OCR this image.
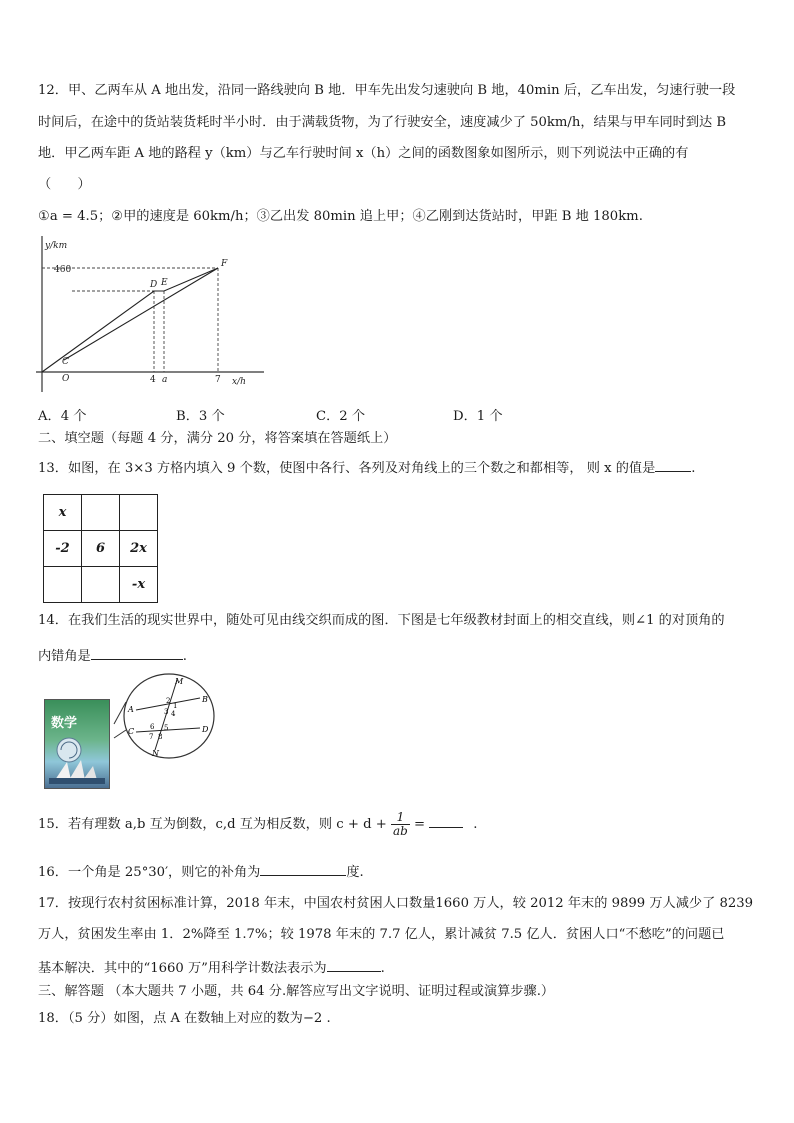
12．甲、乙两车从 A 地出发，沿同一路线驶向 B 地．甲车先出发匀速驶向 B 地，40min 后，乙车出发，匀速行驶一段
时间后，在途中的货站装货耗时半小时．由于满载货物，为了行驶安全，速度减少了 50km/h，结果与甲车同时到达 B
地．甲乙两车距 A 地的路程 y（km）与乙车行驶时间 x（h）之间的函数图象如图所示，则下列说法中正确的有
（　　）
①a = 4.5；②甲的速度是 60km/h；③乙出发 80min 追上甲；④乙刚到达货站时，甲距 B 地 180km.
y/km
x/h
460
O	4 a	7
C
D E
F
A．4 个	B．3 个	C．2 个	D．1 个
二、填空题（每题 4 分，满分 20 分，将答案填在答题纸上）
13．如图，在 3×3 方格内填入 9 个数，使图中各行、各列及对角线上的三个数之和都相等， 则 x 的值是	.
x		
-2	6	2x
		-x
14．在我们生活的现实世界中，随处可见由线交织而成的图．下图是七年级教材封面上的相交直线，则∠1 的对顶角的
内错角是	.
数学
M
N
A
B
C	D
2
1
3 4
6 5
7 8
15．若有理数 a,b 互为倒数，c,d 互为相反数，则 $c + d + \frac{1}{ab}$ =	.
16．一个角是 25°30′，则它的补角为	度.
17．按现行农村贫困标准计算，2018 年末，中国农村贫困人口数量1660 万人，较 2012 年末的 9899 万人减少了 8239
万人，贫困发生率由 1．2%降至 1.7%；较 1978 年末的 7.7 亿人，累计减贫 7.5 亿人．贫困人口“不愁吃”的问题已
基本解决．其中的“1660 万”用科学计数法表示为	.
三、解答题 （本大题共 7 小题，共 64 分.解答应写出文字说明、证明过程或演算步骤.）
18．（5 分）如图，点 A 在数轴上对应的数为−2 .
